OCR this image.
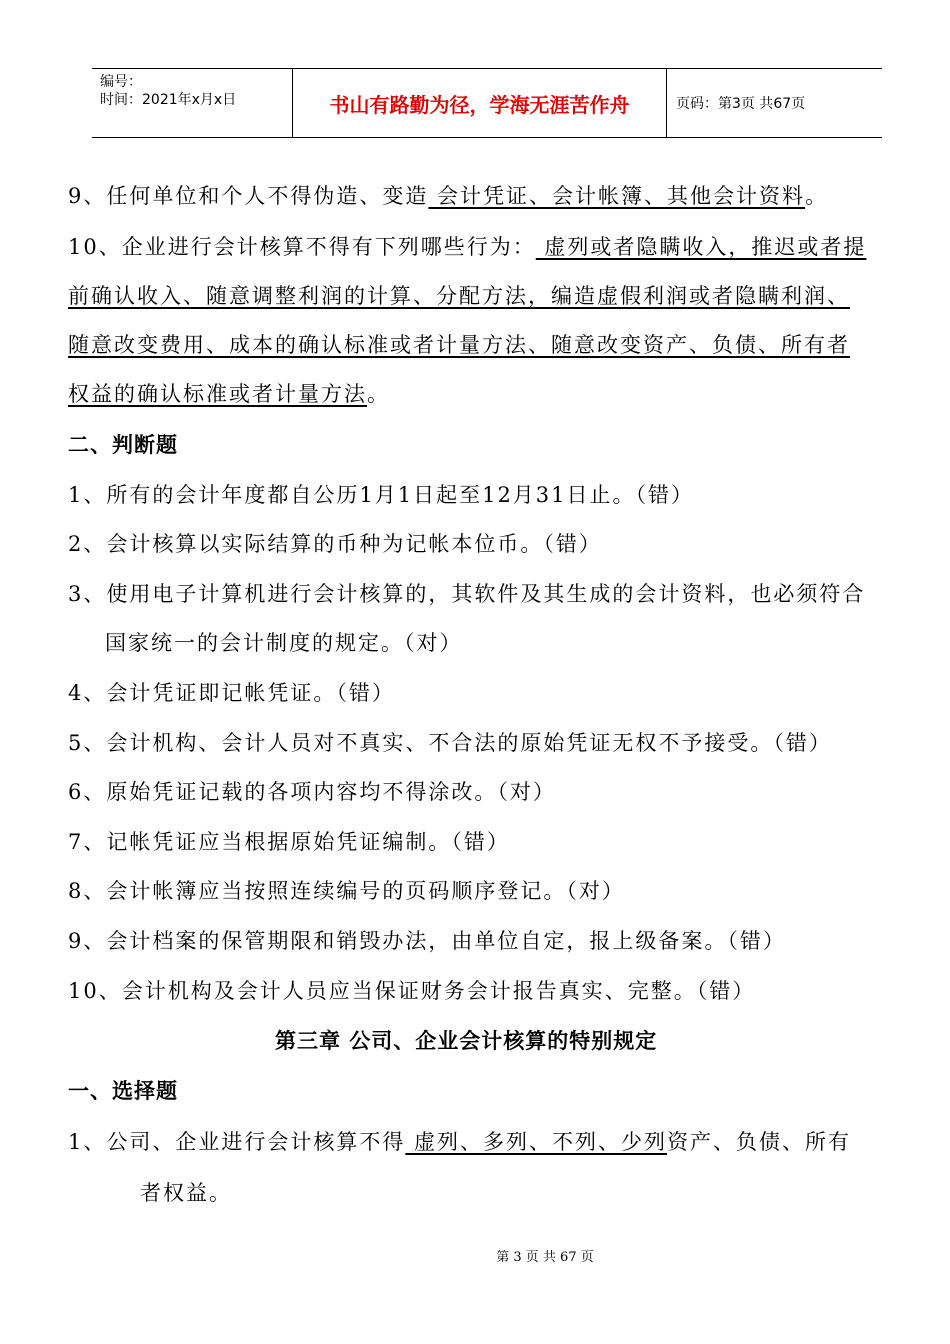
编号：
时间：2021年x月x日	书山有路勤为径，学海无涯苦作舟	页码：第3页 共67页
9、任何单位和个人不得伪造、变造 会计凭证、会计帐簿、其他会计资料。
10、企业进行会计核算不得有下列哪些行为： 虚列或者隐瞒收入，推迟或者提
前确认收入、随意调整利润的计算、分配方法，编造虚假利润或者隐瞒利润、
随意改变费用、成本的确认标准或者计量方法、随意改变资产、负债、所有者
权益的确认标准或者计量方法。
二、判断题
1、所有的会计年度都自公历1月1日起至12月31日止。（错）
2、会计核算以实际结算的币种为记帐本位币。（错）
3、使用电子计算机进行会计核算的，其软件及其生成的会计资料，也必须符合
国家统一的会计制度的规定。（对）
4、会计凭证即记帐凭证。（错）
5、会计机构、会计人员对不真实、不合法的原始凭证无权不予接受。（错）
6、原始凭证记载的各项内容均不得涂改。（对）
7、记帐凭证应当根据原始凭证编制。（错）
8、会计帐簿应当按照连续编号的页码顺序登记。（对）
9、会计档案的保管期限和销毁办法，由单位自定，报上级备案。（错）
10、会计机构及会计人员应当保证财务会计报告真实、完整。（错）
第三章 公司、企业会计核算的特别规定
一、选择题
1、公司、企业进行会计核算不得 虚列、多列、不列、少列资产、负债、所有
者权益。
第 3 页 共 67 页
